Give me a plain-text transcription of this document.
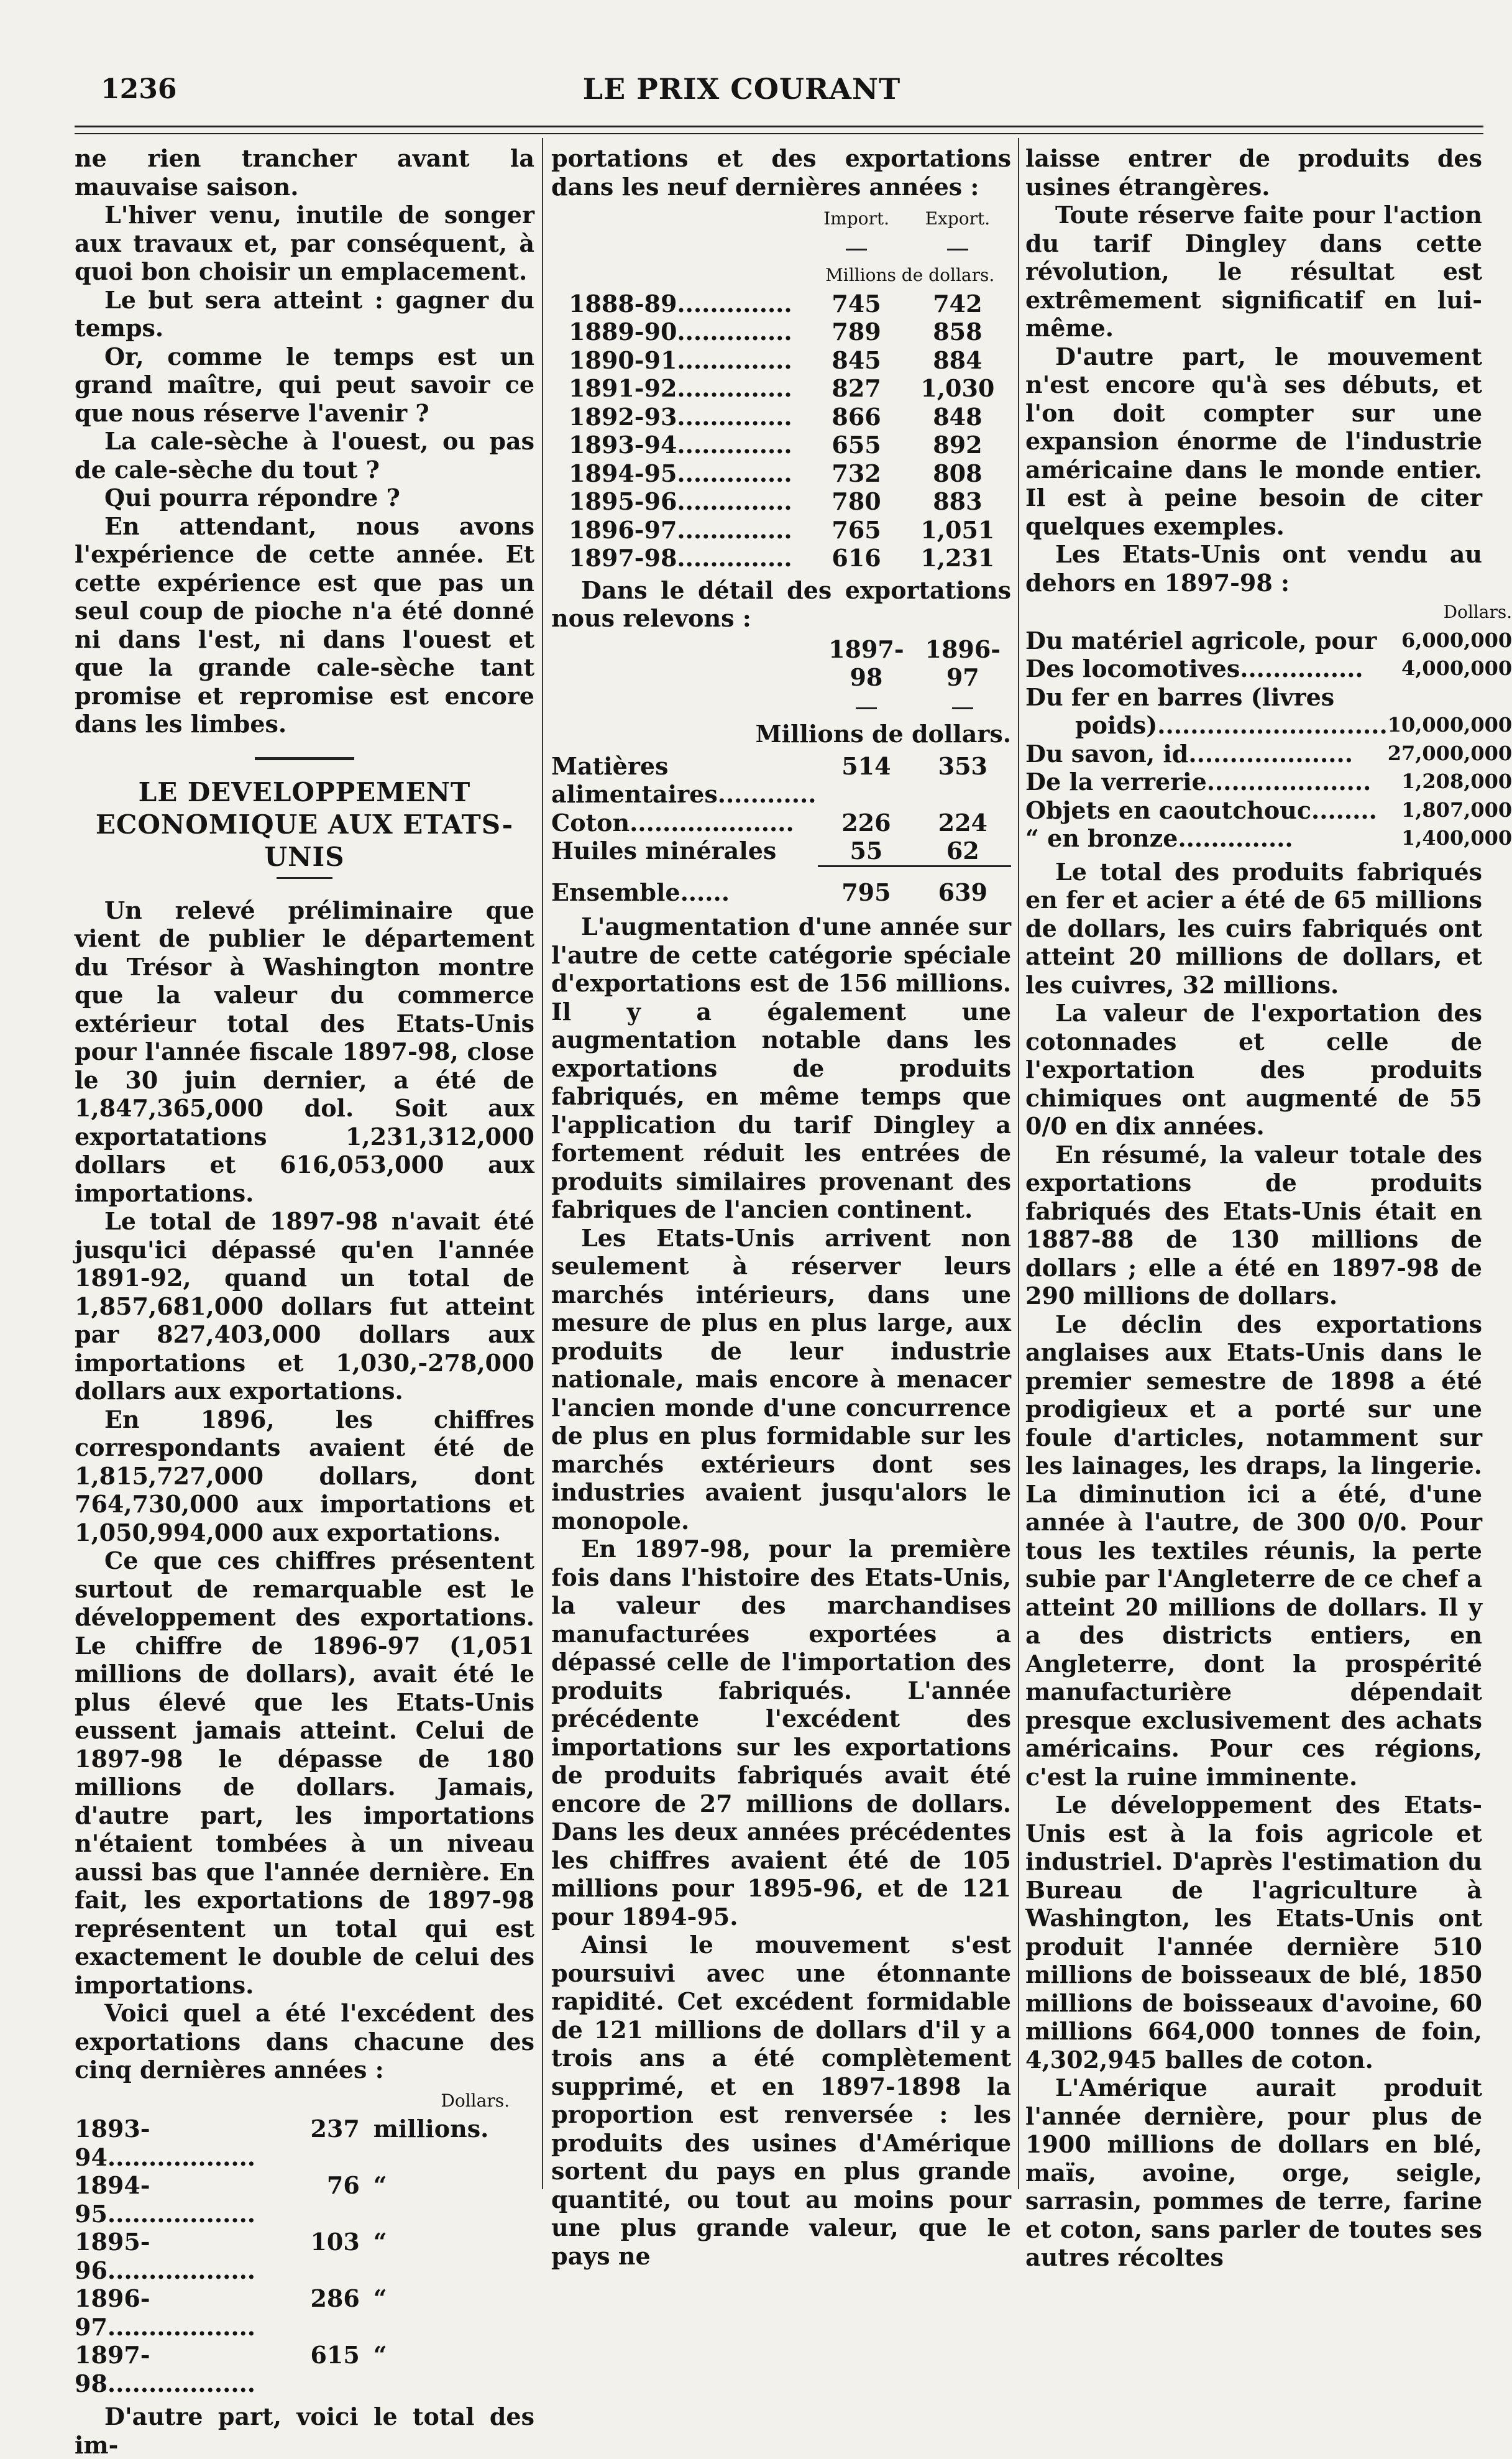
1236	LE PRIX COURANT

ne rien trancher avant la mauvaise saison.

L'hiver venu, inutile de songer aux travaux et, par conséquent, à quoi bon choisir un emplacement.

Le but sera atteint : gagner du temps.

Or, comme le temps est un grand maître, qui peut savoir ce que nous réserve l'avenir ?

La cale-sèche à l'ouest, ou pas de cale-sèche du tout ?

Qui pourra répondre ?

En attendant, nous avons l'expérience de cette année. Et cette expérience est que pas un seul coup de pioche n'a été donné ni dans l'est, ni dans l'ouest et que la grande cale-sèche tant promise et repromise est encore dans les limbes.

LE DEVELOPPEMENT ECONOMIQUE AUX ETATS-UNIS

Un relevé préliminaire que vient de publier le département du Trésor à Washington montre que la valeur du commerce extérieur total des Etats-Unis pour l'année fiscale 1897-98, close le 30 juin dernier, a été de 1,847,365,000 dol. Soit aux exportatations 1,231,312,000 dollars et 616,053,000 aux importations.

Le total de 1897-98 n'avait été jusqu'ici dépassé qu'en l'année 1891-92, quand un total de 1,857,681,000 dollars fut atteint par 827,403,000 dollars aux importations et 1,030,-278,000 dollars aux exportations.

En 1896, les chiffres correspondants avaient été de 1,815,727,000 dollars, dont 764,730,000 aux importations et 1,050,994,000 aux exportations.

Ce que ces chiffres présentent surtout de remarquable est le développement des exportations. Le chiffre de 1896-97 (1,051 millions de dollars), avait été le plus élevé que les Etats-Unis eussent jamais atteint. Celui de 1897-98 le dépasse de 180 millions de dollars. Jamais, d'autre part, les importations n'étaient tombées à un niveau aussi bas que l'année dernière. En fait, les exportations de 1897-98 représentent un total qui est exactement le double de celui des importations.

Voici quel a été l'excédent des exportations dans chacune des cinq dernières années :

		Dollars.
1893-94..................	237	millions.
1894-95..................	76	“
1895-96..................	103	“
1896-97..................	286	“
1897-98..................	615	“

D'autre part, voici le total des im-

portations et des exportations dans les neuf dernières années :

	Import.	Export.

	Millions de dollars.	
1888-89..............	745	742
1889-90..............	789	858
1890-91..............	845	884
1891-92..............	827	1,030
1892-93..............	866	848
1893-94..............	655	892
1894-95..............	732	808
1895-96..............	780	883
1896-97..............	765	1,051
1897-98..............	616	1,231

Dans le détail des exportations nous relevons :

	1897-98	1896-97

Millions de dollars.		
Matières alimentaires............	514	353
Coton....................	226	224
Huiles minérales	55	62

Ensemble......	795	639

L'augmentation d'une année sur l'autre de cette catégorie spéciale d'exportations est de 156 millions. Il y a également une augmentation notable dans les exportations de produits fabriqués, en même temps que l'application du tarif Dingley a fortement réduit les entrées de produits similaires provenant des fabriques de l'ancien continent.

Les Etats-Unis arrivent non seulement à réserver leurs marchés intérieurs, dans une mesure de plus en plus large, aux produits de leur industrie nationale, mais encore à menacer l'ancien monde d'une concurrence de plus en plus formidable sur les marchés extérieurs dont ses industries avaient jusqu'alors le monopole.

En 1897-98, pour la première fois dans l'histoire des Etats-Unis, la valeur des marchandises manufacturées exportées a dépassé celle de l'importation des produits fabriqués. L'année précédente l'excédent des importations sur les exportations de produits fabriqués avait été encore de 27 millions de dollars. Dans les deux années précédentes les chiffres avaient été de 105 millions pour 1895-96, et de 121 pour 1894-95.

Ainsi le mouvement s'est poursuivi avec une étonnante rapidité. Cet excédent formidable de 121 millions de dollars d'il y a trois ans a été complètement supprimé, et en 1897-1898 la proportion est renversée : les produits des usines d'Amérique sortent du pays en plus grande quantité, ou tout au moins pour une plus grande valeur, que le pays ne

laisse entrer de produits des usines étrangères.

Toute réserve faite pour l'action du tarif Dingley dans cette révolution, le résultat est extrêmement significatif en lui-même.

D'autre part, le mouvement n'est encore qu'à ses débuts, et l'on doit compter sur une expansion énorme de l'industrie américaine dans le monde entier. Il est à peine besoin de citer quelques exemples.

Les Etats-Unis ont vendu au dehors en 1897-98 :

	Dollars.
Du matériel agricole, pour	6,000,000
Des locomotives...............	4,000,000
Du fer en barres (livres	
poids)............................	10,000,000
Du savon, id....................	27,000,000
De la verrerie....................	1,208,000
Objets en caoutchouc........	1,807,000
“ en bronze..............	1,400,000

Le total des produits fabriqués en fer et acier a été de 65 millions de dollars, les cuirs fabriqués ont atteint 20 millions de dollars, et les cuivres, 32 millions.

La valeur de l'exportation des cotonnades et celle de l'exportation des produits chimiques ont augmenté de 55 0/0 en dix années.

En résumé, la valeur totale des exportations de produits fabriqués des Etats-Unis était en 1887-88 de 130 millions de dollars ; elle a été en 1897-98 de 290 millions de dollars.

Le déclin des exportations anglaises aux Etats-Unis dans le premier semestre de 1898 a été prodigieux et a porté sur une foule d'articles, notamment sur les lainages, les draps, la lingerie. La diminution ici a été, d'une année à l'autre, de 300 0/0. Pour tous les textiles réunis, la perte subie par l'Angleterre de ce chef a atteint 20 millions de dollars. Il y a des districts entiers, en Angleterre, dont la prospérité manufacturière dépendait presque exclusivement des achats américains. Pour ces régions, c'est la ruine imminente.

Le développement des Etats-Unis est à la fois agricole et industriel. D'après l'estimation du Bureau de l'agriculture à Washington, les Etats-Unis ont produit l'année dernière 510 millions de boisseaux de blé, 1850 millions de boisseaux d'avoine, 60 millions 664,000 tonnes de foin, 4,302,945 balles de coton.

L'Amérique aurait produit l'année dernière, pour plus de 1900 millions de dollars en blé, maïs, avoine, orge, seigle, sarrasin, pommes de terre, farine et coton, sans parler de toutes ses autres récoltes
